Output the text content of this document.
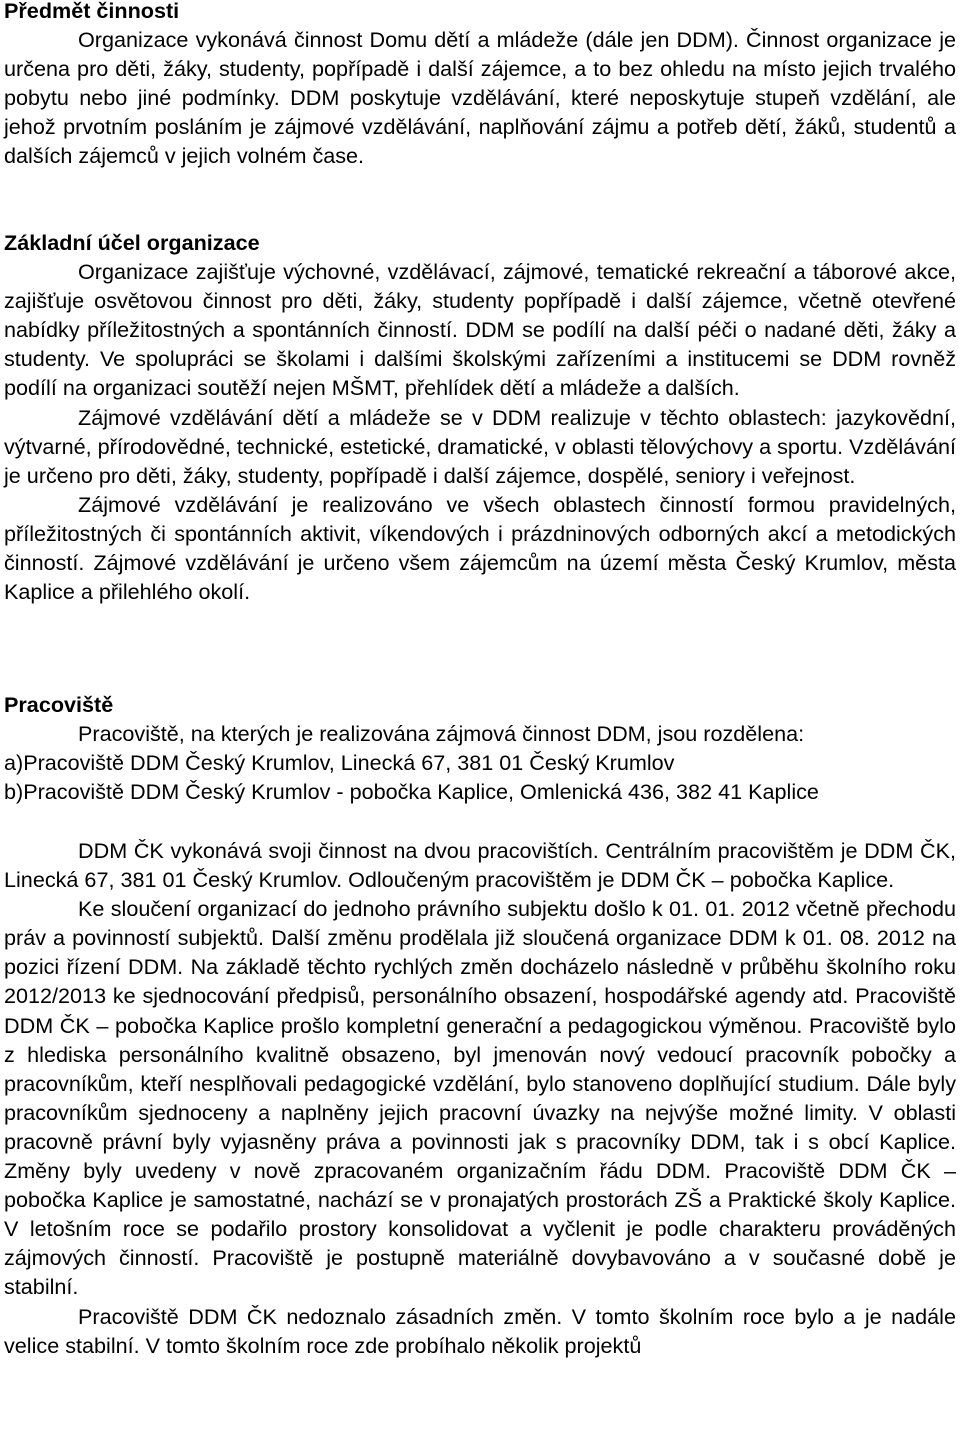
Předmět činnosti

Organizace vykonává činnost Domu dětí a mládeže (dále jen DDM). Činnost organizace je určena pro děti, žáky, studenty, popřípadě i další zájemce, a to bez ohledu na místo jejich trvalého pobytu nebo jiné podmínky. DDM poskytuje vzdělávání, které neposkytuje stupeň vzdělání, ale jehož prvotním posláním je zájmové vzdělávání, naplňování zájmu a potřeb dětí, žáků, studentů a dalších zájemců v jejich volném čase.

Základní účel organizace

Organizace zajišťuje výchovné, vzdělávací, zájmové, tematické rekreační a táborové akce, zajišťuje osvětovou činnost pro děti, žáky, studenty popřípadě i další zájemce, včetně otevřené nabídky příležitostných a spontánních činností. DDM se podílí na další péči o nadané děti, žáky a studenty. Ve spolupráci se školami i dalšími školskými zařízeními a institucemi se DDM rovněž podílí na organizaci soutěží nejen MŠMT, přehlídek dětí a mládeže a dalších.

Zájmové vzdělávání dětí a mládeže se v DDM realizuje v těchto oblastech: jazykovědní, výtvarné, přírodovědné, technické, estetické, dramatické, v oblasti tělovýchovy a sportu. Vzdělávání je určeno pro děti, žáky, studenty, popřípadě i další zájemce, dospělé, seniory i veřejnost.

Zájmové vzdělávání je realizováno ve všech oblastech činností formou pravidelných, příležitostných či spontánních aktivit, víkendových i prázdninových odborných akcí a metodických činností. Zájmové vzdělávání je určeno všem zájemcům na území města Český Krumlov, města Kaplice a přilehlého okolí.

Pracoviště

Pracoviště, na kterých je realizována zájmová činnost DDM, jsou rozdělena:

a)Pracoviště DDM Český Krumlov, Linecká 67, 381 01 Český Krumlov

b)Pracoviště DDM Český Krumlov - pobočka Kaplice, Omlenická 436, 382 41 Kaplice

DDM ČK vykonává svoji činnost na dvou pracovištích. Centrálním pracovištěm je DDM ČK, Linecká 67, 381 01 Český Krumlov. Odloučeným pracovištěm je DDM ČK – pobočka Kaplice.

Ke sloučení organizací do jednoho právního subjektu došlo k 01. 01. 2012 včetně přechodu práv a povinností subjektů. Další změnu prodělala již sloučená organizace DDM k 01. 08. 2012 na pozici řízení DDM. Na základě těchto rychlých změn docházelo následně v průběhu školního roku 2012/2013 ke sjednocování předpisů, personálního obsazení, hospodářské agendy atd. Pracoviště DDM ČK – pobočka Kaplice prošlo kompletní generační a pedagogickou výměnou. Pracoviště bylo z hlediska personálního kvalitně obsazeno, byl jmenován nový vedoucí pracovník pobočky a pracovníkům, kteří nesplňovali pedagogické vzdělání, bylo stanoveno doplňující studium. Dále byly pracovníkům sjednoceny a naplněny jejich pracovní úvazky na nejvýše možné limity. V oblasti pracovně právní byly vyjasněny práva a povinnosti jak s pracovníky DDM, tak i s obcí Kaplice. Změny byly uvedeny v nově zpracovaném organizačním řádu DDM. Pracoviště DDM ČK – pobočka Kaplice je samostatné, nachází se v pronajatých prostorách ZŠ a Praktické školy Kaplice. V letošním roce se podařilo prostory konsolidovat a vyčlenit je podle charakteru prováděných zájmových činností. Pracoviště je postupně materiálně dovybavováno a v současné době je stabilní.

Pracoviště DDM ČK nedoznalo zásadních změn. V tomto školním roce bylo a je nadále velice stabilní. V tomto školním roce zde probíhalo několik projektů
